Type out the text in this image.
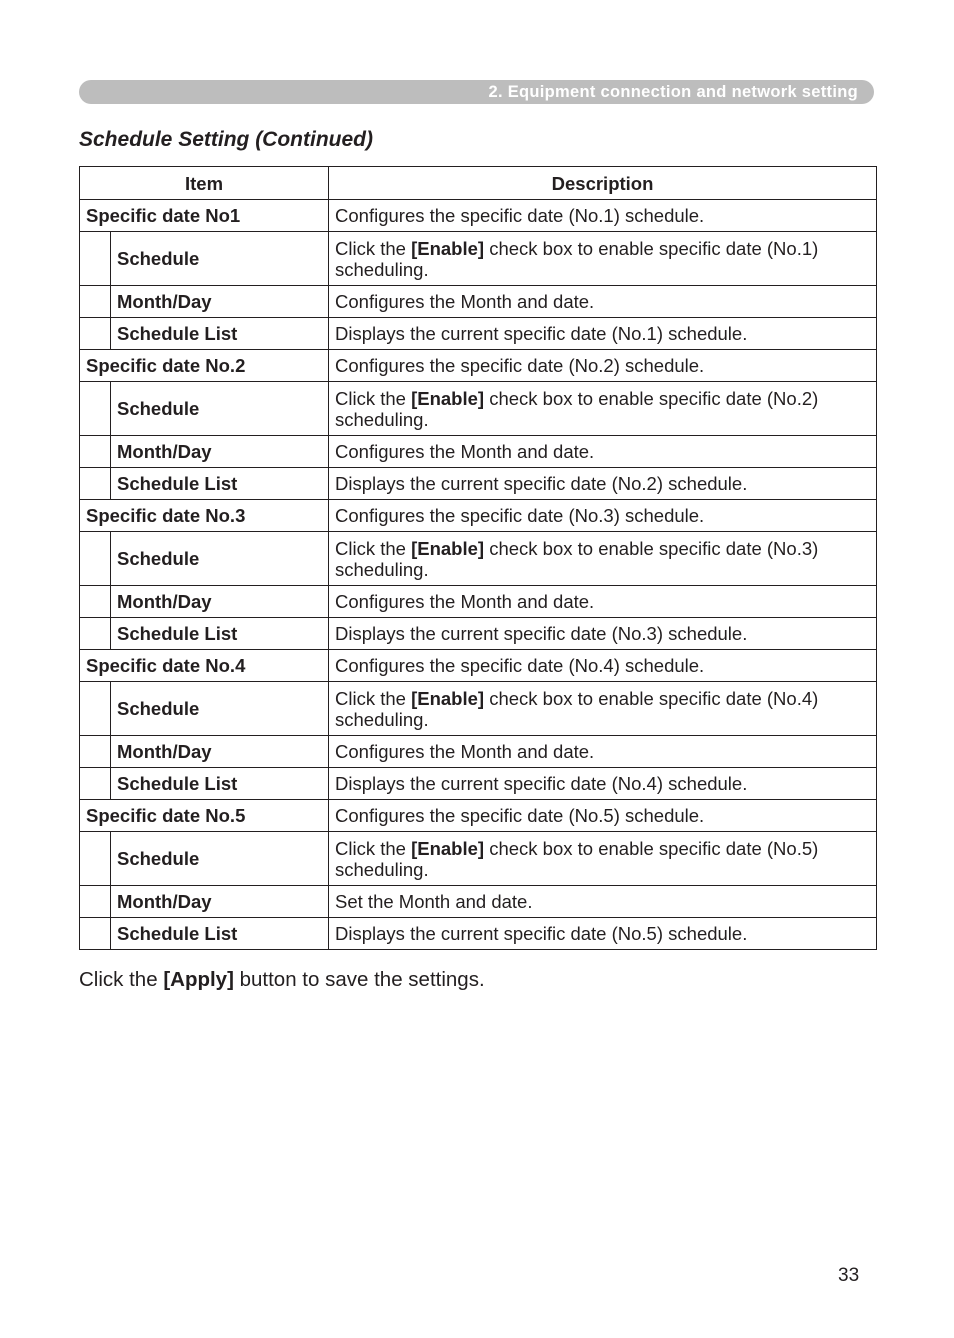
2. Equipment connection and network setting
Schedule Setting (Continued)
Item		Description
Specific date No1		Configures the specific date (No.1) schedule.
	Schedule	Click the [Enable] check box to enable specific date (No.1) scheduling.
	Month/Day	Configures the Month and date.
	Schedule List	Displays the current specific date (No.1) schedule.
Specific date No.2		Configures the specific date (No.2) schedule.
	Schedule	Click the [Enable] check box to enable specific date (No.2) scheduling.
	Month/Day	Configures the Month and date.
	Schedule List	Displays the current specific date (No.2) schedule.
Specific date No.3		Configures the specific date (No.3) schedule.
	Schedule	Click the [Enable] check box to enable specific date (No.3) scheduling.
	Month/Day	Configures the Month and date.
	Schedule List	Displays the current specific date (No.3) schedule.
Specific date No.4		Configures the specific date (No.4) schedule.
	Schedule	Click the [Enable] check box to enable specific date (No.4) scheduling.
	Month/Day	Configures the Month and date.
	Schedule List	Displays the current specific date (No.4) schedule.
Specific date No.5		Configures the specific date (No.5) schedule.
	Schedule	Click the [Enable] check box to enable specific date (No.5) scheduling.
	Month/Day	Set the Month and date.
	Schedule List	Displays the current specific date (No.5) schedule.

Click the [Apply] button to save the settings.

33
